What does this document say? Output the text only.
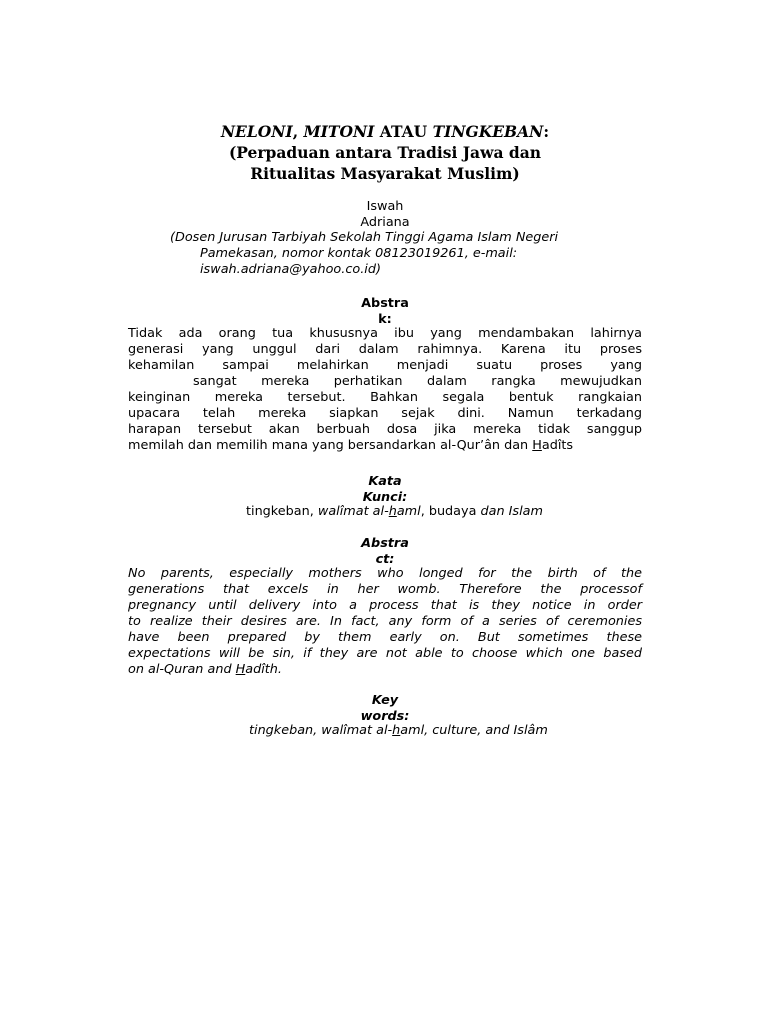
NELONI, MITONI ATAU TINGKEBAN:
(Perpaduan antara Tradisi Jawa dan
Ritualitas Masyarakat Muslim)
Iswah
Adriana
(Dosen Jurusan Tarbiyah Sekolah Tinggi Agama Islam Negeri
Pamekasan, nomor kontak 08123019261, e-mail:
iswah.adriana@yahoo.co.id)
Abstra
k:
Tidak ada orang tua khususnya ibu yang mendambakan lahirnya
generasi yang unggul dari dalam rahimnya. Karena itu proses
kehamilan sampai melahirkan menjadi suatu proses yang
sangat mereka perhatikan dalam rangka mewujudkan
keinginan mereka tersebut. Bahkan segala bentuk rangkaian
upacara telah mereka siapkan sejak dini. Namun terkadang
harapan tersebut akan berbuah dosa jika mereka tidak sanggup
memilah dan memilih mana yang bersandarkan al-Qur’ân dan Hadîts
Kata
Kunci:
tingkeban, walîmat al-haml, budaya dan Islam
Abstra
ct:
No parents, especially mothers who longed for the birth of the
generations that excels in her womb. Therefore the processof
pregnancy until delivery into a process that is they notice in order
to realize their desires are. In fact, any form of a series of ceremonies
have been prepared by them early on. But sometimes these
expectations will be sin, if they are not able to choose which one based
on al-Quran and Hadîth.
Key
words:
tingkeban, walîmat al-haml, culture, and Islâm
